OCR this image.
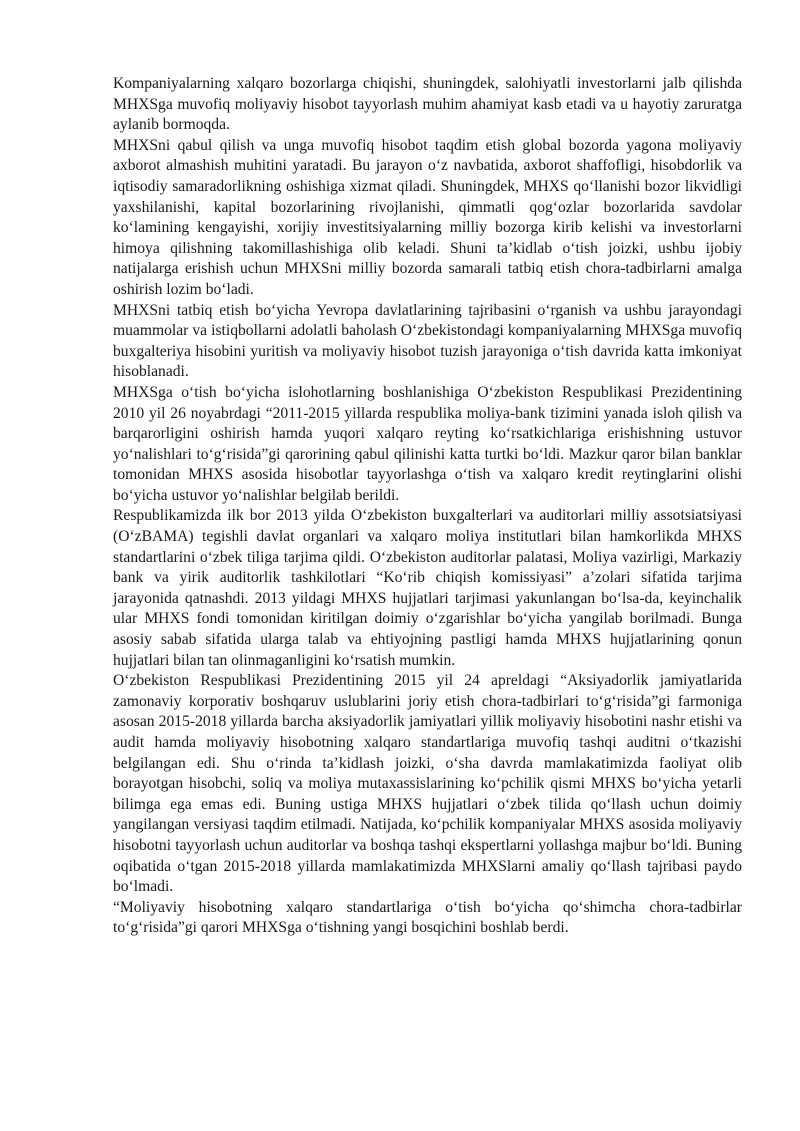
Kompaniyalarning xalqaro bozorlarga chiqishi, shuningdek, salohiyatli investorlarni jalb qilishda MHXSga muvofiq moliyaviy hisobot tayyorlash muhim ahamiyat kasb etadi va u hayotiy zaruratga aylanib bormoqda.

MHXSni qabul qilish va unga muvofiq hisobot taqdim etish global bozorda yagona moliyaviy axborot almashish muhitini yaratadi. Bu jarayon o‘z navbatida, axborot shaffofligi, hisobdorlik va iqtisodiy samaradorlikning oshishiga xizmat qiladi. Shuningdek, MHXS qo‘llanishi bozor likvidligi yaxshilanishi, kapital bozorlarining rivojlanishi, qimmatli qog‘ozlar bozorlarida savdolar ko‘lamining kengayishi, xorijiy investitsiyalarning milliy bozorga kirib kelishi va investorlarni himoya qilishning takomillashishiga olib keladi. Shuni ta’kidlab o‘tish joizki, ushbu ijobiy natijalarga erishish uchun MHXSni milliy bozorda samarali tatbiq etish chora-tadbirlarni amalga oshirish lozim bo‘ladi.

MHXSni tatbiq etish bo‘yicha Yevropa davlatlarining tajribasini o‘rganish va ushbu jarayondagi muammolar va istiqbollarni adolatli baholash O‘zbekistondagi kompaniyalarning MHXSga muvofiq buxgalteriya hisobini yuritish va moliyaviy hisobot tuzish jarayoniga o‘tish davrida katta imkoniyat hisoblanadi.

MHXSga o‘tish bo‘yicha islohotlarning boshlanishiga O‘zbekiston Respublikasi Prezidentining 2010 yil 26 noyabrdagi “2011-2015 yillarda respublika moliya-bank tizimini yanada isloh qilish va barqarorligini oshirish hamda yuqori xalqaro reyting ko‘rsatkichlariga erishishning ustuvor yo‘nalishlari to‘g‘risida”gi qarorining qabul qilinishi katta turtki bo‘ldi. Mazkur qaror bilan banklar tomonidan MHXS asosida hisobotlar tayyorlashga o‘tish va xalqaro kredit reytinglarini olishi bo‘yicha ustuvor yo‘nalishlar belgilab berildi.

Respublikamizda ilk bor 2013 yilda O‘zbekiston buxgalterlari va auditorlari milliy assotsiatsiyasi (O‘zBAMA) tegishli davlat organlari va xalqaro moliya institutlari bilan hamkorlikda MHXS standartlarini o‘zbek tiliga tarjima qildi. O‘zbekiston auditorlar palatasi, Moliya vazirligi, Markaziy bank va yirik auditorlik tashkilotlari “Ko‘rib chiqish komissiyasi” a’zolari sifatida tarjima jarayonida qatnashdi. 2013 yildagi MHXS hujjatlari tarjimasi yakunlangan bo‘lsa-da, keyinchalik ular MHXS fondi tomonidan kiritilgan doimiy o‘zgarishlar bo‘yicha yangilab borilmadi. Bunga asosiy sabab sifatida ularga talab va ehtiyojning pastligi hamda MHXS hujjatlarining qonun hujjatlari bilan tan olinmaganligini ko‘rsatish mumkin.

O‘zbekiston Respublikasi Prezidentining 2015 yil 24 apreldagi “Aksiyadorlik jamiyatlarida zamonaviy korporativ boshqaruv uslublarini joriy etish chora-tadbirlari to‘g‘risida”gi farmoniga asosan 2015-2018 yillarda barcha aksiyadorlik jamiyatlari yillik moliyaviy hisobotini nashr etishi va audit hamda moliyaviy hisobotning xalqaro standartlariga muvofiq tashqi auditni o‘tkazishi belgilangan edi. Shu o‘rinda ta’kidlash joizki, o‘sha davrda mamlakatimizda faoliyat olib borayotgan hisobchi, soliq va moliya mutaxassislarining ko‘pchilik qismi MHXS bo‘yicha yetarli bilimga ega emas edi. Buning ustiga MHXS hujjatlari o‘zbek tilida qo‘llash uchun doimiy yangilangan versiyasi taqdim etilmadi. Natijada, ko‘pchilik kompaniyalar MHXS asosida moliyaviy hisobotni tayyorlash uchun auditorlar va boshqa tashqi ekspertlarni yollashga majbur bo‘ldi. Buning oqibatida o‘tgan 2015-2018 yillarda mamlakatimizda MHXSlarni amaliy qo‘llash tajribasi paydo bo‘lmadi.

“Moliyaviy hisobotning xalqaro standartlariga o‘tish bo‘yicha qo‘shimcha chora-tadbirlar to‘g‘risida”gi qarori MHXSga o‘tishning yangi bosqichini boshlab berdi.
